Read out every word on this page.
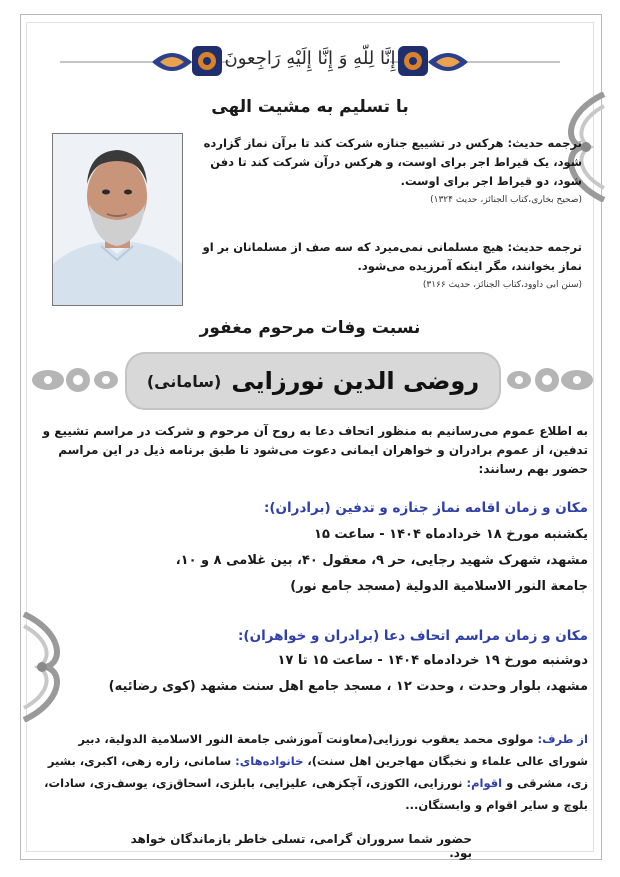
إِنَّا لِلّهِ وَ إِنَّا إِلَیْهِ رَاجِعونَ
با تسلیم به مشیت الهی
ترجمه حدیث: هرکس در تشییع جنازه شرکت کند تا برآن نماز گزارده شود، یک قیراط اجر برای اوست، و هرکس درآن شرکت کند تا دفن شود، دو قیراط اجر برای اوست.
(صحیح بخاری،کتاب الجنائز، حدیث ۱۳۲۴)
ترجمه حدیث: هیچ مسلمانی نمی‌میرد که سه صف از مسلمانان بر او نماز بخوانند، مگر اینکه آمرزیده می‌شود.
(سنن ابی داوود،کتاب الجنائز، حدیث ۳۱۶۶)
نسبت وفات مرحوم مغفور
روضی الدین نورزایی
(سامانی)
به اطلاع عموم می‌رسانیم به منظور اتحاف دعا به روح آن مرحوم و شرکت در مراسم تشییع و تدفین، از عموم برادران و خواهران ایمانی دعوت می‌شود تا طبق برنامه ذیل در این مراسم حضور بهم رسانند:
مکان و زمان اقامه نماز جنازه و تدفین (برادران):
یکشنبه مورخ ۱۸ خردادماه ۱۴۰۴ - ساعت ۱۵
مشهد، شهرک شهید رجایی، حر ۹، معقول ۴۰، بین غلامی ۸ و ۱۰،
جامعة النور الاسلامیة الدولیة (مسجد جامع نور)
مکان و زمان مراسم اتحاف دعا (برادران و خواهران):
دوشنبه مورخ ۱۹ خردادماه ۱۴۰۴ - ساعت ۱۵ تا ۱۷
مشهد، بلوار وحدت ، وحدت ۱۲ ، مسجد جامع اهل سنت مشهد (کوی رضائیه)
از طرف: مولوی محمد یعقوب نورزایی(معاونت آموزشی جامعة النور الاسلامیة الدولیة، دبیر شورای عالی علماء و نخبگان مهاجرین اهل سنت)، خانواده‌های: سامانی، زاره زهی، اکبری، بشیر زی، مشرقی و اقوام: نورزایی، الکوزی، آچکزهی، علیزایی، بابلزی، اسحاق‌زی، یوسف‌زی، سادات، بلوچ و سایر اقوام و وابستگان...
حضور شما سروران گرامی، تسلی خاطر بازماندگان خواهد بود.
